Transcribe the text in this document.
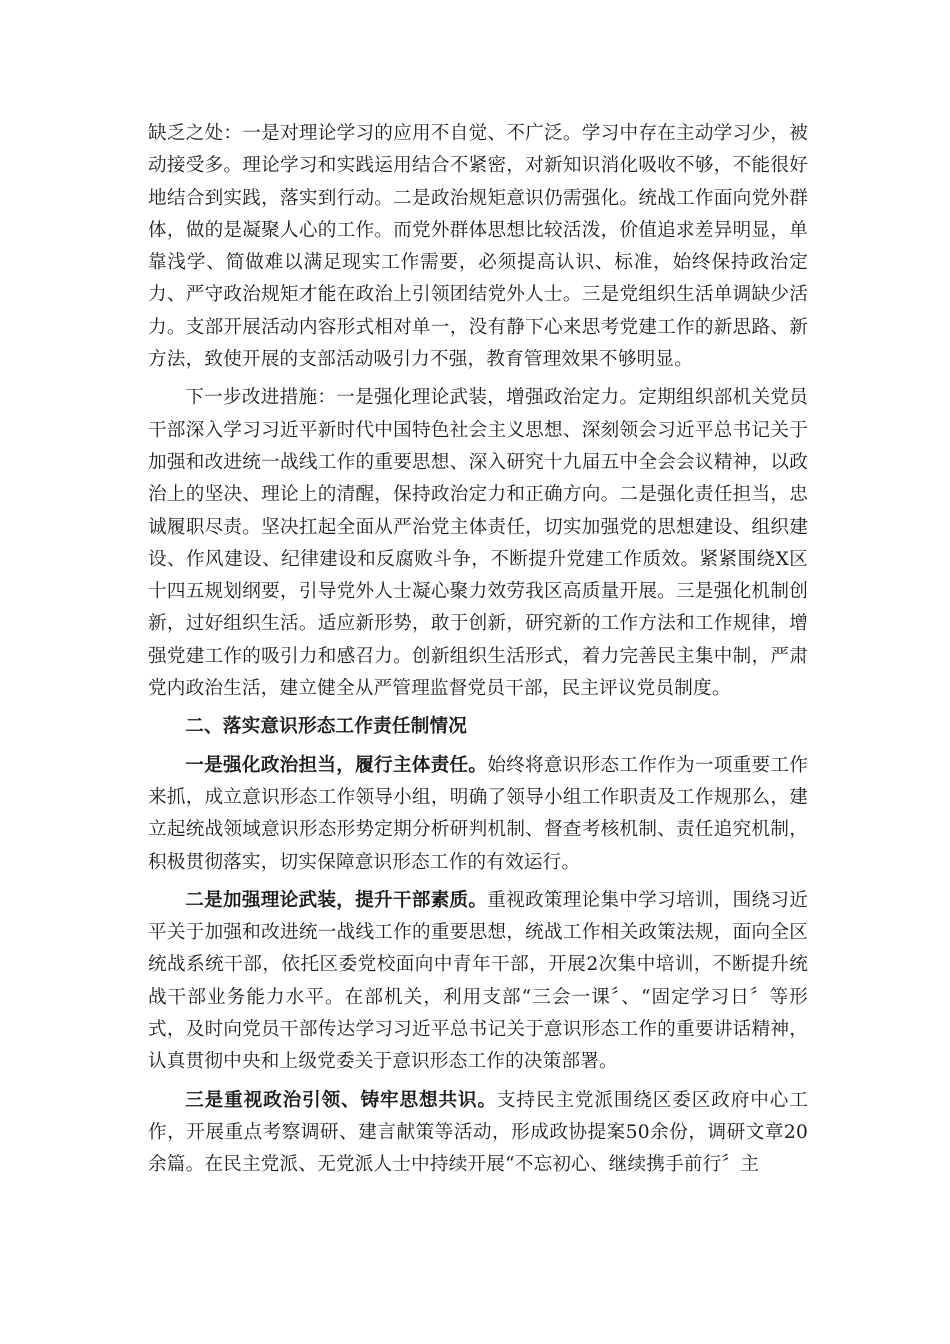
缺乏之处：一是对理论学习的应用不自觉、不广泛。学习中存在主动学习少，被动接受多。理论学习和实践运用结合不紧密，对新知识消化吸收不够，不能很好地结合到实践，落实到行动。二是政治规矩意识仍需强化。统战工作面向党外群体，做的是凝聚人心的工作。而党外群体思想比较活泼，价值追求差异明显，单靠浅学、简做难以满足现实工作需要，必须提高认识、标准，始终保持政治定力、严守政治规矩才能在政治上引领团结党外人士。三是党组织生活单调缺少活力。支部开展活动内容形式相对单一，没有静下心来思考党建工作的新思路、新方法，致使开展的支部活动吸引力不强，教育管理效果不够明显。

下一步改进措施：一是强化理论武装，增强政治定力。定期组织部机关党员干部深入学习习近平新时代中国特色社会主义思想、深刻领会习近平总书记关于加强和改进统一战线工作的重要思想、深入研究十九届五中全会会议精神，以政治上的坚决、理论上的清醒，保持政治定力和正确方向。二是强化责任担当，忠诚履职尽责。坚决扛起全面从严治党主体责任，切实加强党的思想建设、组织建设、作风建设、纪律建设和反腐败斗争，不断提升党建工作质效。紧紧围绕X区十四五规划纲要，引导党外人士凝心聚力效劳我区高质量开展。三是强化机制创新，过好组织生活。适应新形势，敢于创新，研究新的工作方法和工作规律，增强党建工作的吸引力和感召力。创新组织生活形式，着力完善民主集中制，严肃党内政治生活，建立健全从严管理监督党员干部，民主评议党员制度。

二、落实意识形态工作责任制情况

一是强化政治担当，履行主体责任。始终将意识形态工作作为一项重要工作来抓，成立意识形态工作领导小组，明确了领导小组工作职责及工作规那么，建立起统战领域意识形态形势定期分析研判机制、督查考核机制、责任追究机制，积极贯彻落实，切实保障意识形态工作的有效运行。

二是加强理论武装，提升干部素质。重视政策理论集中学习培训，围绕习近平关于加强和改进统一战线工作的重要思想，统战工作相关政策法规，面向全区统战系统干部，依托区委党校面向中青年干部，开展2次集中培训，不断提升统战干部业务能力水平。在部机关，利用支部“三会一课〞、“固定学习日〞等形式，及时向党员干部传达学习习近平总书记关于意识形态工作的重要讲话精神，认真贯彻中央和上级党委关于意识形态工作的决策部署。

三是重视政治引领、铸牢思想共识。支持民主党派围绕区委区政府中心工作，开展重点考察调研、建言献策等活动，形成政协提案50余份，调研文章20余篇。在民主党派、无党派人士中持续开展“不忘初心、继续携手前行〞主
